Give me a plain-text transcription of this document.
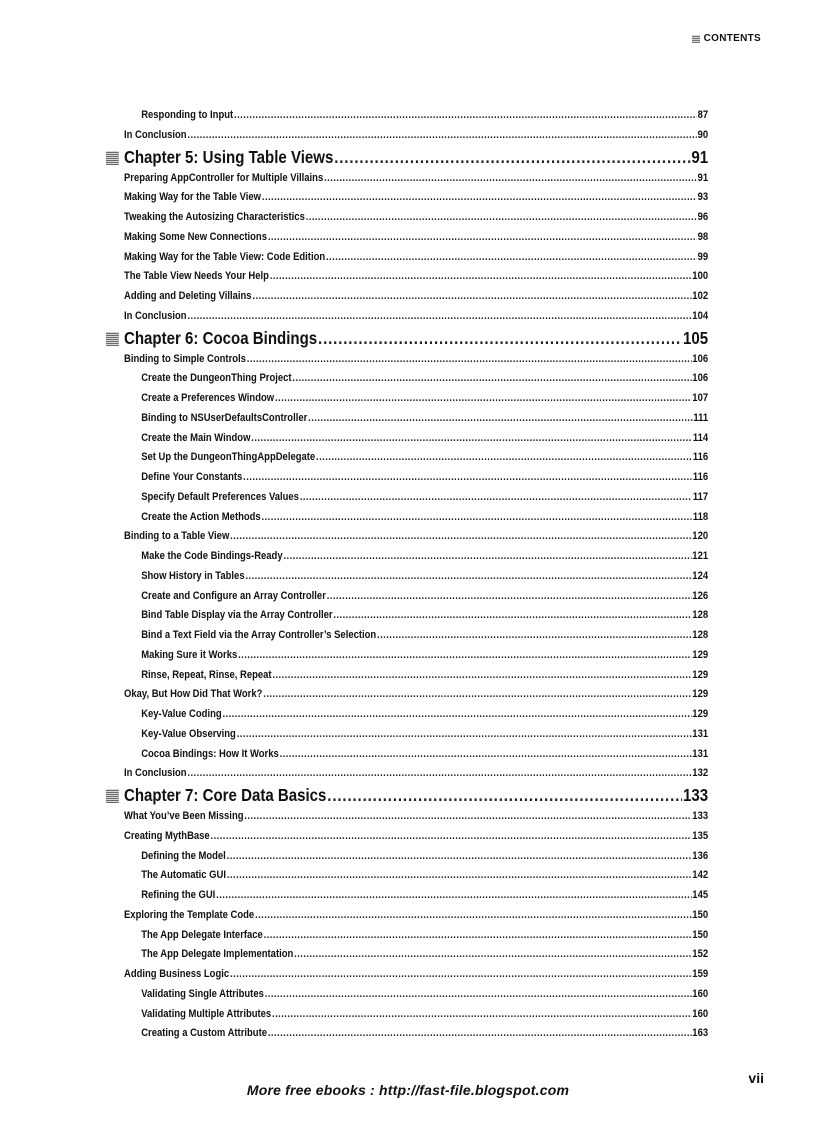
CONTENTS
Responding to Input .....	87
In Conclusion .....	90
Chapter 5: Using Table Views .....	91
Preparing AppController for Multiple Villains .....	91
Making Way for the Table View .....	93
Tweaking the Autosizing Characteristics .....	96
Making Some New Connections .....	98
Making Way for the Table View: Code Edition .....	99
The Table View Needs Your Help .....	100
Adding and Deleting Villains .....	102
In Conclusion .....	104
Chapter 6: Cocoa Bindings .....	105
Binding to Simple Controls .....	106
Create the DungeonThing Project .....	106
Create a Preferences Window .....	107
Binding to NSUserDefaultsController .....	111
Create the Main Window .....	114
Set Up the DungeonThingAppDelegate .....	116
Define Your Constants .....	116
Specify Default Preferences Values .....	117
Create the Action Methods .....	118
Binding to a Table View .....	120
Make the Code Bindings-Ready .....	121
Show History in Tables .....	124
Create and Configure an Array Controller .....	126
Bind Table Display via the Array Controller .....	128
Bind a Text Field via the Array Controller’s Selection .....	128
Making Sure it Works .....	129
Rinse, Repeat, Rinse, Repeat .....	129
Okay, But How Did That Work? .....	129
Key-Value Coding .....	129
Key-Value Observing .....	131
Cocoa Bindings: How It Works .....	131
In Conclusion .....	132
Chapter 7: Core Data Basics .....	133
What You’ve Been Missing .....	133
Creating MythBase .....	135
Defining the Model .....	136
The Automatic GUI .....	142
Refining the GUI .....	145
Exploring the Template Code .....	150
The App Delegate Interface .....	150
The App Delegate Implementation .....	152
Adding Business Logic .....	159
Validating Single Attributes .....	160
Validating Multiple Attributes .....	160
Creating a Custom Attribute .....	163
vii
More free ebooks : http://fast-file.blogspot.com
